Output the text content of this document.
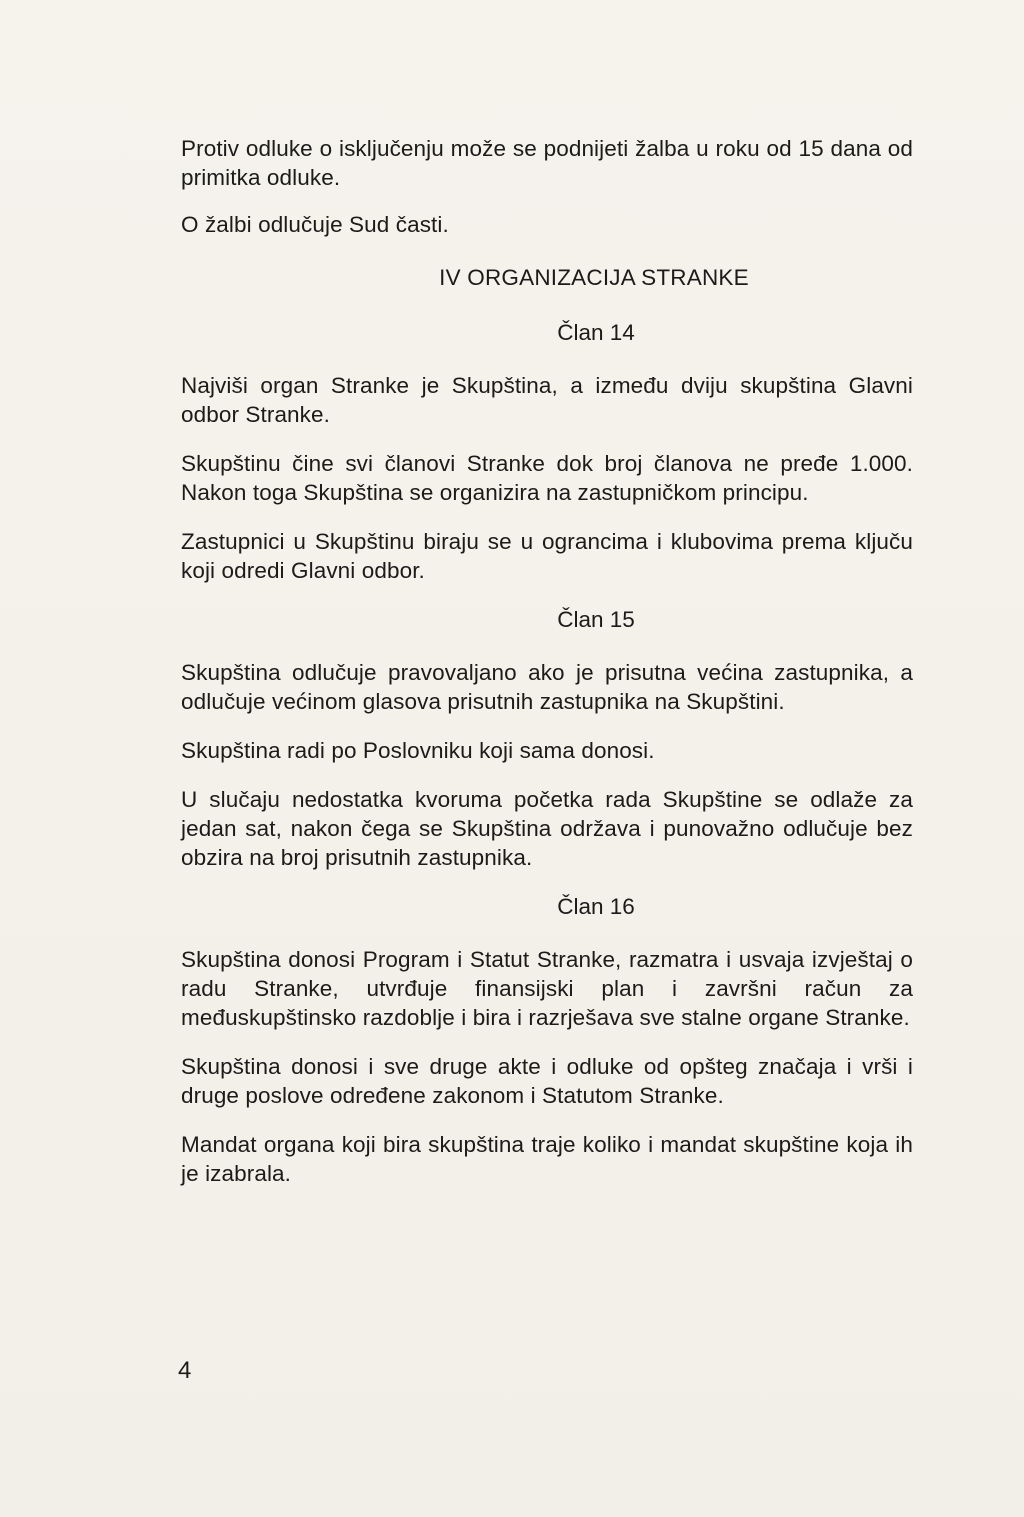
Protiv odluke o isključenju može se podnijeti žalba u roku od 15 dana od primitka odluke.

O žalbi odlučuje Sud časti.

IV ORGANIZACIJA STRANKE
Član 14

Najviši organ Stranke je Skupština, a između dviju skupština Glavni odbor Stranke.

Skupštinu čine svi članovi Stranke dok broj članova ne pređe 1.000. Nakon toga Skupština se organizira na zastupničkom principu.

Zastupnici u Skupštinu biraju se u ograncima i klubovima prema ključu koji odredi Glavni odbor.

Član 15

Skupština odlučuje pravovaljano ako je prisutna većina zastupnika, a odlučuje većinom glasova prisutnih zastupnika na Skupštini.

Skupština radi po Poslovniku koji sama donosi.

U slučaju nedostatka kvoruma početka rada Skupštine se odlaže za jedan sat, nakon čega se Skupština održava i punovažno odlučuje bez obzira na broj prisutnih zastupnika.

Član 16

Skupština donosi Program i Statut Stranke, razmatra i usvaja izvještaj o radu Stranke, utvrđuje finansijski plan i završni račun za međuskupštinsko razdoblje i bira i razrješava sve stalne organe Stranke.

Skupština donosi i sve druge akte i odluke od opšteg značaja i vrši i druge poslove određene zakonom i Statutom Stranke.

Mandat organa koji bira skupština traje koliko i mandat skupštine koja ih je izabrala.

4
